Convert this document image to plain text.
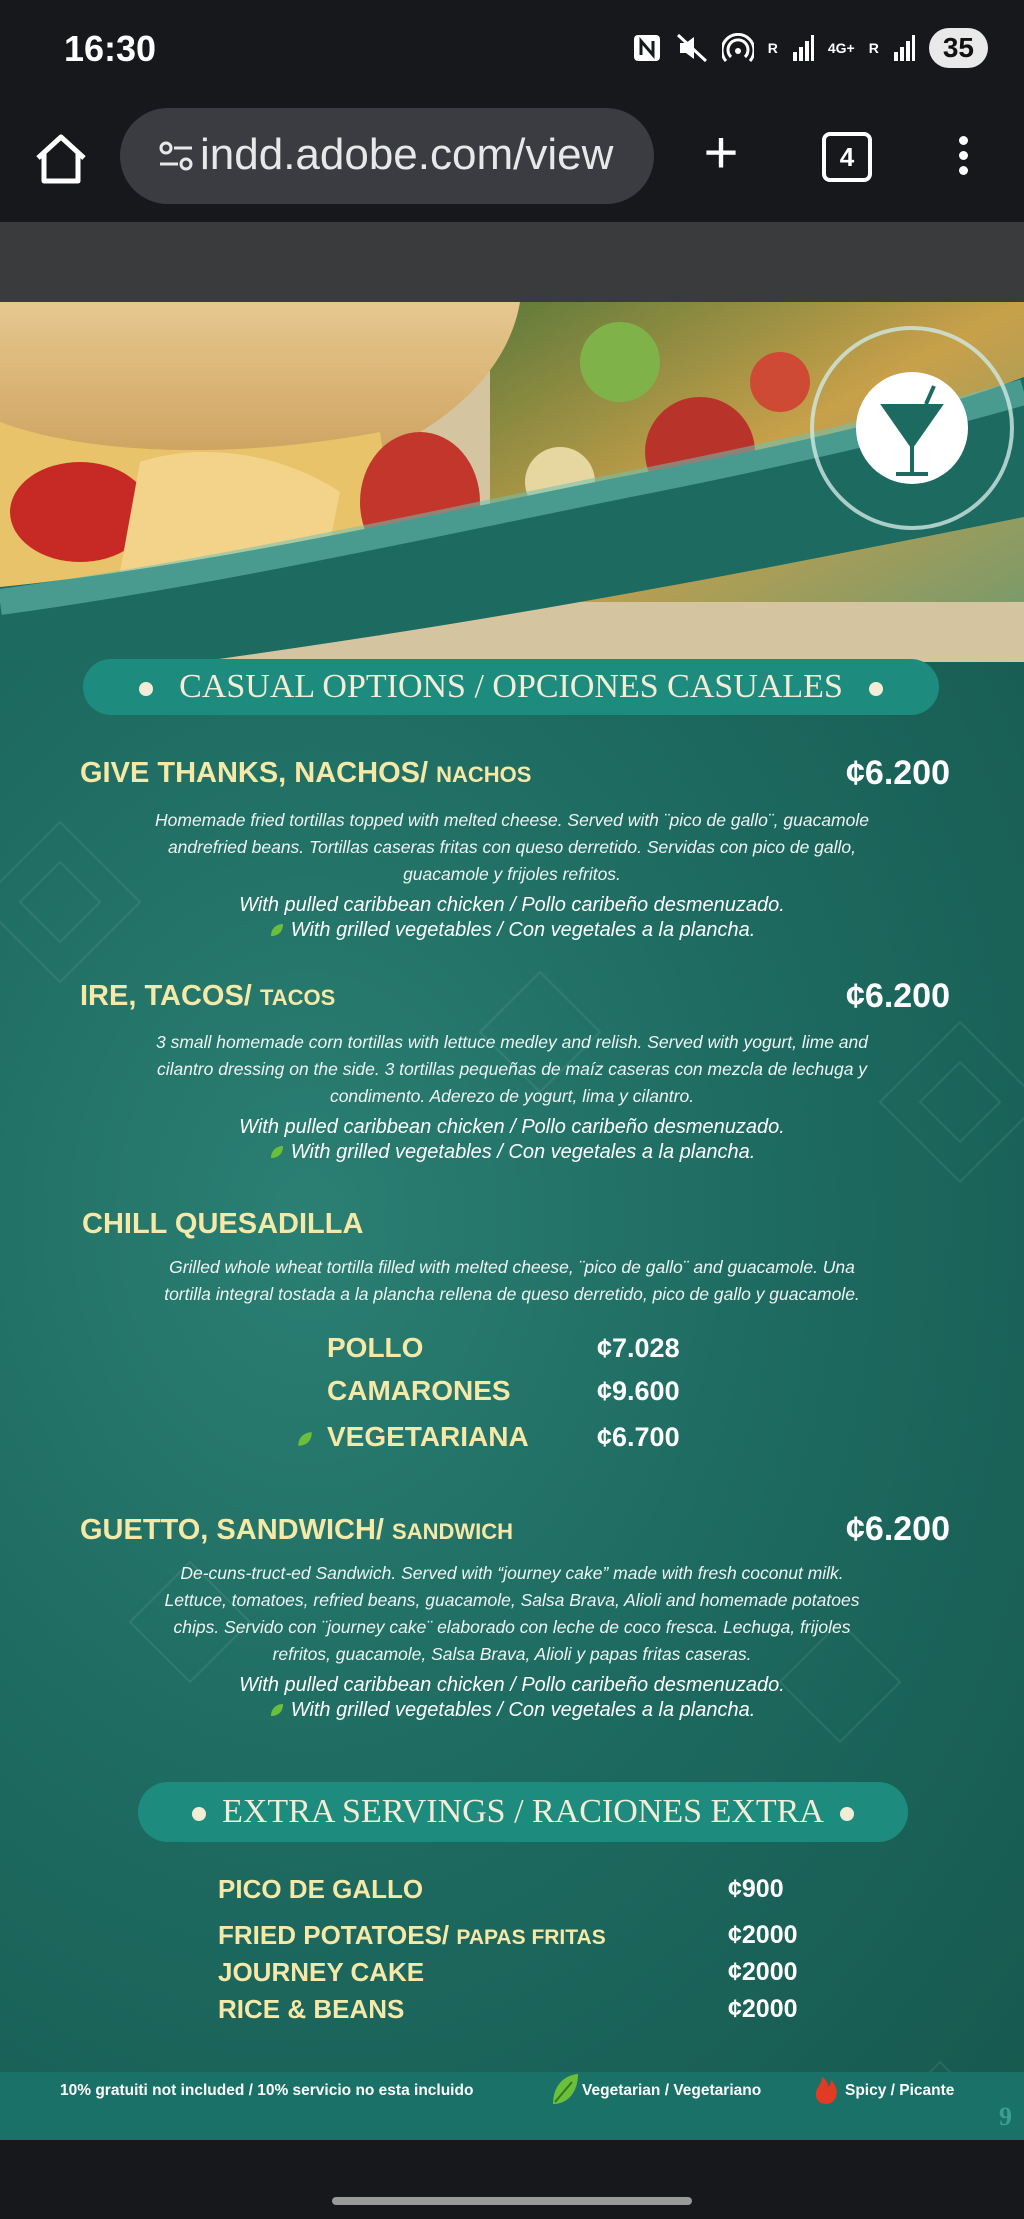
16:30	R	4G+ R	35
indd.adobe.com/view	+	4
CASUAL OPTIONS / OPCIONES CASUALES
GIVE THANKS, NACHOS/ NACHOS	¢6.200
Homemade fried tortillas topped with melted cheese. Served with ¨pico de gallo¨, guacamole
andrefried beans. Tortillas caseras fritas con queso derretido. Servidas con pico de gallo,
guacamole y frijoles refritos.
With pulled caribbean chicken / Pollo caribeño desmenuzado.
With grilled vegetables / Con vegetales a la plancha.
IRE, TACOS/ TACOS	¢6.200
3 small homemade corn tortillas with lettuce medley and relish. Served with yogurt, lime and
cilantro dressing on the side. 3 tortillas pequeñas de maíz caseras con mezcla de lechuga y
condimento. Aderezo de yogurt, lima y cilantro.
With pulled caribbean chicken / Pollo caribeño desmenuzado.
With grilled vegetables / Con vegetales a la plancha.
CHILL QUESADILLA
Grilled whole wheat tortilla filled with melted cheese, ¨pico de gallo¨ and guacamole. Una
tortilla integral tostada a la plancha rellena de queso derretido, pico de gallo y guacamole.
POLLO	¢7.028
CAMARONES	¢9.600
VEGETARIANA	¢6.700
GUETTO, SANDWICH/ SANDWICH	¢6.200
De-cuns-truct-ed Sandwich. Served with “journey cake” made with fresh coconut milk.
Lettuce, tomatoes, refried beans, guacamole, Salsa Brava, Alioli and homemade potatoes
chips. Servido con ¨journey cake¨ elaborado con leche de coco fresca. Lechuga, frijoles
refritos, guacamole, Salsa Brava, Alioli y papas fritas caseras.
With pulled caribbean chicken / Pollo caribeño desmenuzado.
With grilled vegetables / Con vegetales a la plancha.
EXTRA SERVINGS / RACIONES EXTRA
PICO DE GALLO	¢900
FRIED POTATOES/ PAPAS FRITAS	¢2000
JOURNEY CAKE	¢2000
RICE & BEANS	¢2000
10% gratuiti not included / 10% servicio no esta incluido	Vegetarian / Vegetariano	Spicy / Picante
9
